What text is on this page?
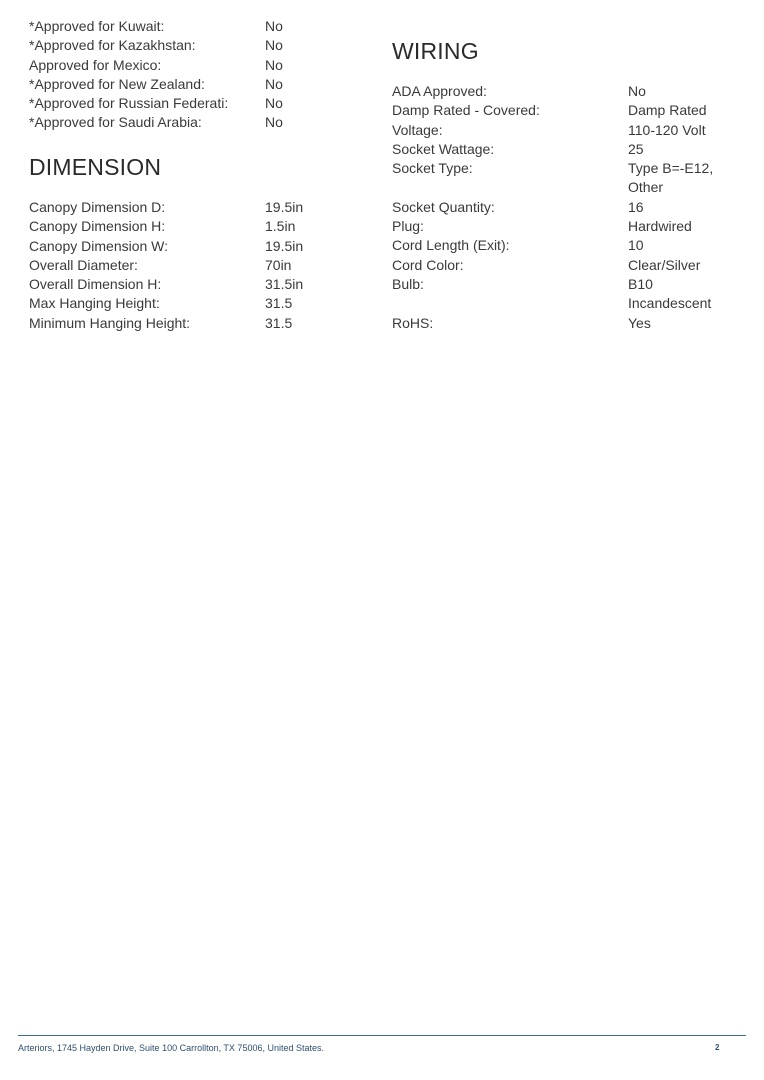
*Approved for Kuwait:	No
*Approved for Kazakhstan:	No
Approved for Mexico:	No
*Approved for New Zealand:	No
*Approved for Russian Federati:	No
*Approved for Saudi Arabia:	No
DIMENSION
Canopy Dimension D:	19.5in
Canopy Dimension H:	1.5in
Canopy Dimension W:	19.5in
Overall Diameter:	70in
Overall Dimension H:	31.5in
Max Hanging Height:	31.5
Minimum Hanging Height:	31.5
WIRING
ADA Approved:	No
Damp Rated - Covered:	Damp Rated
Voltage:	110-120 Volt
Socket Wattage:	25
Socket Type:	Type B=-E12,
Other
Socket Quantity:	16
Plug:	Hardwired
Cord Length (Exit):	10
Cord Color:	Clear/Silver
Bulb:	B10
Incandescent
RoHS:	Yes
Arteriors, 1745 Hayden Drive, Suite 100 Carrollton, TX 75006, United States.	2
